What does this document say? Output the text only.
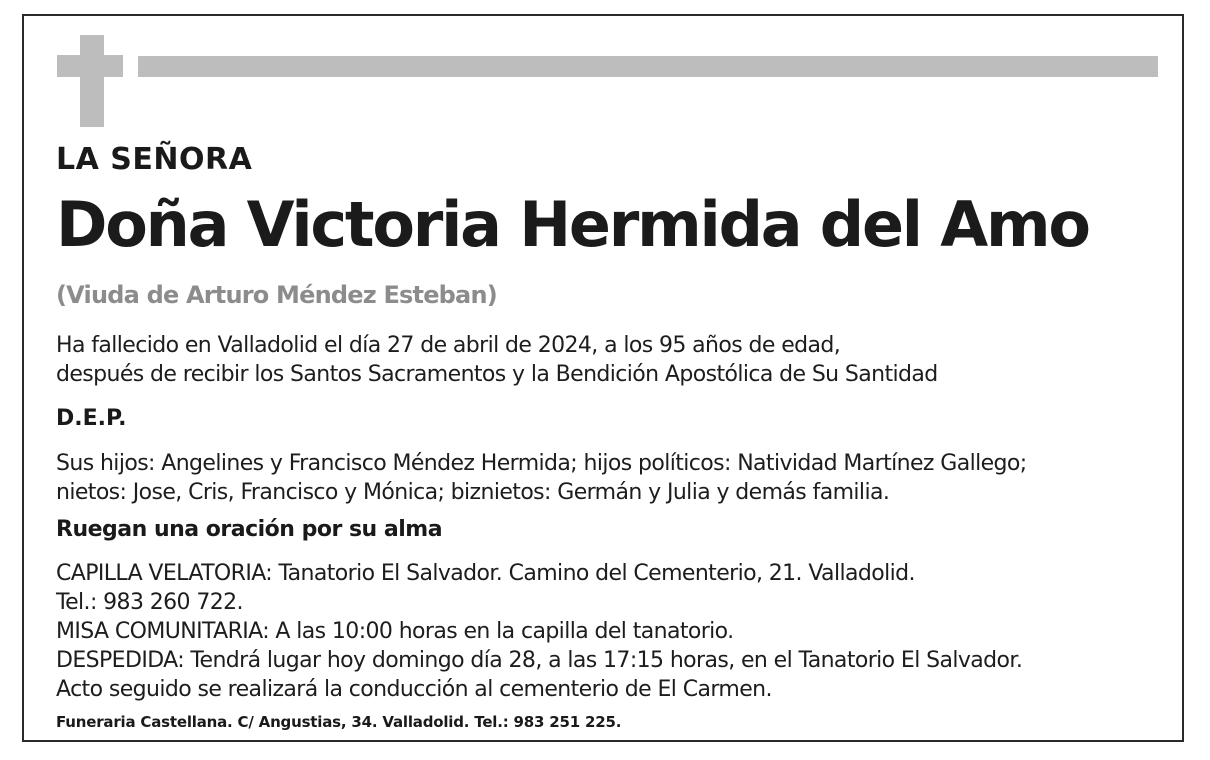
LA SEÑORA

Doña Victoria Hermida del Amo

(Viuda de Arturo Méndez Esteban)

Ha fallecido en Valladolid el día 27 de abril de 2024, a los 95 años de edad,

después de recibir los Santos Sacramentos y la Bendición Apostólica de Su Santidad

D.E.P.

Sus hijos: Angelines y Francisco Méndez Hermida; hijos políticos: Natividad Martínez Gallego;

nietos: Jose, Cris, Francisco y Mónica; biznietos: Germán y Julia y demás familia.

Ruegan una oración por su alma

CAPILLA VELATORIA: Tanatorio El Salvador. Camino del Cementerio, 21. Valladolid.

Tel.: 983 260 722.

MISA COMUNITARIA: A las 10:00 horas en la capilla del tanatorio.

DESPEDIDA: Tendrá lugar hoy domingo día 28, a las 17:15 horas, en el Tanatorio El Salvador.

Acto seguido se realizará la conducción al cementerio de El Carmen.

Funeraria Castellana. C/ Angustias, 34. Valladolid. Tel.: 983 251 225.
